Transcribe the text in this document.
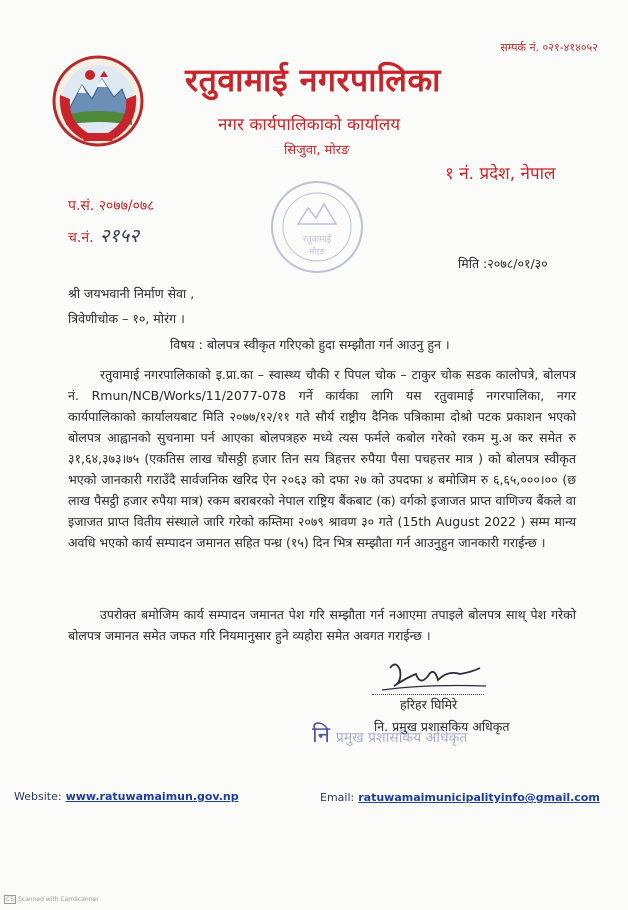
सम्पर्क नं. ०२१-४१४०५२
रतुवामाई नगरपालिका
नगर कार्यपालिकाको कार्यालय
सिजुवा, मोरङ
१ नं. प्रदेश, नेपाल
प.सं. २०७७/०७८
च.नं. २१५२	रतुवामाई
मोरङ
मिति :२०७८/०१/३०
श्री जयभवानी निर्माण सेवा ,
त्रिवेणीचोक – १०, मोरंग ।
विषय : बोलपत्र स्वीकृत गरिएको हुदा सम्झौता गर्न आउनु हुन ।
रतुवामाई नगरपालिकाको इ.प्रा.का – स्वास्थ्य चौकी र पिपल चोक – टाकुर चोक सडक कालोपत्रे, बोलपत्र नं. Rmun/NCB/Works/11/2077-078 गर्ने कार्यका लागि यस रतुवामाई नगरपालिका, नगर कार्यपालिकाको कार्यालयबाट मिति २०७७/१२/११ गते सौर्य राष्ट्रीय दैनिक पत्रिकामा दोश्रो पटक प्रकाशन भएको बोलपत्र आह्वानको सुचनामा पर्न आएका बोलपत्रहरु मध्ये त्यस फर्मले कबोल गरेको रकम मु.अ कर समेत रु ३१,६४,३७३।७५ (एकतिस लाख चौसठ्ठी हजार तिन सय त्रिहत्तर रुपैया पैसा पचहत्तर मात्र ) को बोलपत्र स्वीकृत भएको जानकारी गराउँदै सार्वजनिक खरिद ऐन २०६३ को दफा २७ को उपदफा ४ बमोजिम रु ६,६५,०००।०० (छ लाख पैसट्ठी हजार रुपैया मात्र) रकम बराबरको नेपाल राष्ट्रिय बैंकबाट (क) वर्गको इजाजत प्राप्त वाणिज्य बैंकले वा इजाजत प्राप्त वितीय संस्थाले जारि गरेको कम्तिमा २०७९ श्रावण ३० गते (15th August 2022 ) सम्म मान्य अवधि भएको कार्य सम्पादन जमानत सहित पन्ध्र (१५) दिन भित्र सम्झौता गर्न आउनुहुन जानकारी गराईन्छ ।
उपरोक्त बमोजिम कार्य सम्पादन जमानत पेश गरि सम्झौता गर्न नआएमा तपाइले बोलपत्र साथ् पेश गरेको बोलपत्र जमानत समेत जफत गरि नियमानुसार हुने व्यहोरा समेत अवगत गराईन्छ ।
हरिहर घिमिरे
नि. प्रमुख प्रशासकिय अधिकृत
निप्रमुख प्रशासकिय अधिकृत
Website: www.ratuwamaimun.gov.np	Email: ratuwamaimunicipalityinfo@gmail.com
CS Scanned with CamScanner
